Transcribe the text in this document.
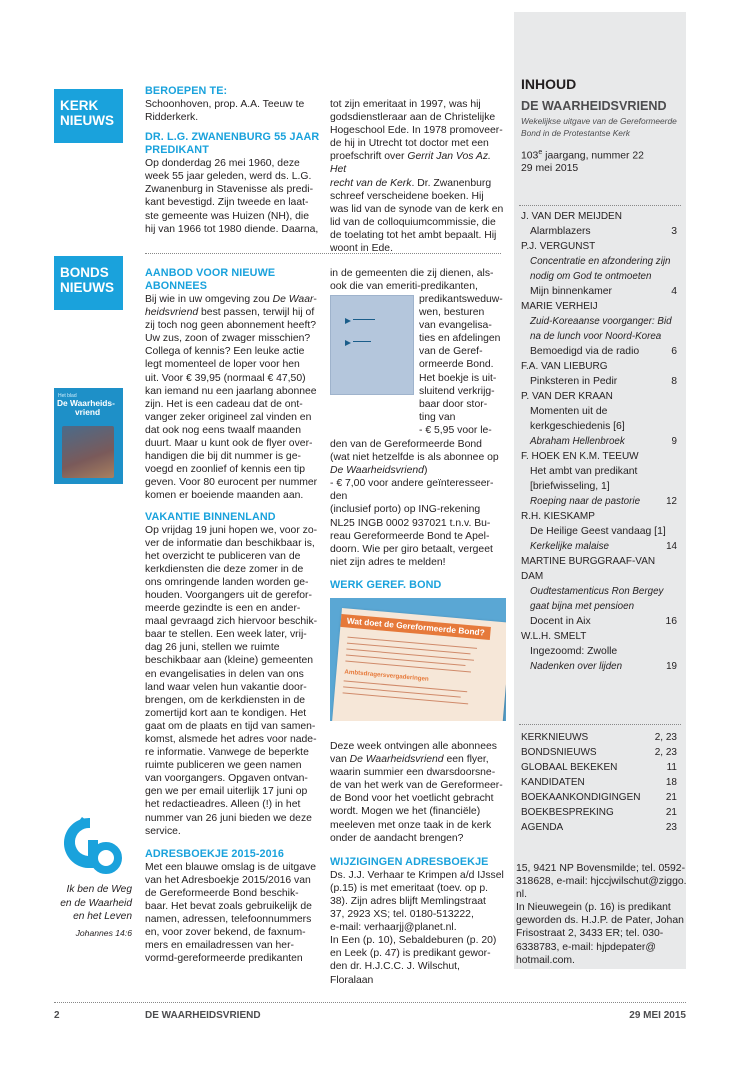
KERK
NIEUWS
BONDS
NIEUWS
Het blad
De Waarheids-
vriend
Ik ben de Weg
en de Waarheid
en het Leven
Johannes 14:6
BEROEPEN TE:

Schoonhoven, prop. A.A. Teeuw te

Ridderkerk.

DR. L.G. ZWANENBURG 55 JAAR
PREDIKANT

Op donderdag 26 mei 1960, deze

week 55 jaar geleden, werd ds. L.G.

Zwanenburg in Stavenisse als predi-

kant bevestigd. Zijn tweede en laat-

ste gemeente was Huizen (NH), die

hij van 1966 tot 1980 diende. Daarna,

tot zijn emeritaat in 1997, was hij

godsdienstleraar aan de Christelijke

Hogeschool Ede. In 1978 promoveer-

de hij in Utrecht tot doctor met een

proefschrift over Gerrit Jan Vos Az. Het

recht van de Kerk. Dr. Zwanenburg

schreef verscheidene boeken. Hij

was lid van de synode van de kerk en

lid van de colloquiumcommissie, die

de toelating tot het ambt bepaalt. Hij

woont in Ede.

AANBOD VOOR NIEUWE
ABONNEES

Bij wie in uw omgeving zou De Waar-

heidsvriend best passen, terwijl hij of

zij toch nog geen abonnement heeft?

Uw zus, zoon of zwager misschien?

Collega of kennis? Een leuke actie

legt momenteel de loper voor hen

uit. Voor € 39,95 (normaal € 47,50)

kan iemand nu een jaarlang abonnee

zijn. Het is een cadeau dat de ont-

vanger zeker origineel zal vinden en

dat ook nog eens twaalf maanden

duurt. Maar u kunt ook de flyer over-

handigen die bij dit nummer is ge-

voegd en zoonlief of kennis een tip

geven. Voor 80 eurocent per nummer

komen er boeiende maanden aan.

VAKANTIE BINNENLAND

Op vrijdag 19 juni hopen we, voor zo-

ver de informatie dan beschikbaar is,

het overzicht te publiceren van de

kerkdiensten die deze zomer in de

ons omringende landen worden ge-

houden. Voorgangers uit de gerefor-

meerde gezindte is een en ander-

maal gevraagd zich hiervoor beschik-

baar te stellen. Een week later, vrij-

dag 26 juni, stellen we ruimte

beschikbaar aan (kleine) gemeenten

en evangelisaties in delen van ons

land waar velen hun vakantie door-

brengen, om de kerkdiensten in de

zomertijd kort aan te kondigen. Het

gaat om de plaats en tijd van samen-

komst, alsmede het adres voor nade-

re informatie. Vanwege de beperkte

ruimte publiceren we geen namen

van voorgangers. Opgaven ontvan-

gen we per email uiterlijk 17 juni op

het redactieadres. Alleen (!) in het

nummer van 26 juni bieden we deze

service.

ADRESBOEKJE 2015-2016

Met een blauwe omslag is de uitgave

van het Adresboekje 2015/2016 van

de Gereformeerde Bond beschik-

baar. Het bevat zoals gebruikelijk de

namen, adressen, telefoonnummers

en, voor zover bekend, de faxnum-

mers en emailadressen van her-

vormd-gereformeerde predikanten

in de gemeenten die zij dienen, als-

ook die van emeriti-predikanten,

predikantsweduw-

wen, besturen

van evangelisa-

ties en afdelingen

van de Geref-

ormeerde Bond.

Het boekje is uit-

sluitend verkrijg-

baar door stor-

ting van

- € 5,95 voor le-

den van de Gereformeerde Bond

(wat niet hetzelfde is als abonnee op

De Waarheidsvriend)

- € 7,00 voor andere geïnteresseer-

den

(inclusief porto) op ING-rekening

NL25 INGB 0002 937021 t.n.v. Bu-

reau Gereformeerde Bond te Apel-

doorn. Wie per giro betaalt, vergeet

niet zijn adres te melden!

WERK GEREF. BOND
Wat doet de Gereformeerde Bond?
Ambtsdragersvergaderingen

Deze week ontvingen alle abonnees

van De Waarheidsvriend een flyer,

waarin summier een dwarsdoorsne-

de van het werk van de Gereformeer-

de Bond voor het voetlicht gebracht

wordt. Mogen we het (financiële)

meeleven met onze taak in de kerk

onder de aandacht brengen?

WIJZIGINGEN ADRESBOEKJE

Ds. J.J. Verhaar te Krimpen a/d IJssel

(p.15) is met emeritaat (toev. op p.

38). Zijn adres blijft Memlingstraat

37, 2923 XS; tel. 0180-513222,

e-mail: verhaarjj@planet.nl.

In Een (p. 10), Sebaldeburen (p. 20)

en Leek (p. 47) is predikant gewor-

den dr. H.J.C.C. J. Wilschut, Floralaan

15, 9421 NP Bovensmilde; tel. 0592-

318628, e-mail: hjccjwilschut@ziggo.

nl.

In Nieuwegein (p. 16) is predikant

geworden ds. H.J.P. de Pater, Johan

Frisostraat 2, 3433 ER; tel. 030-

6338783, e-mail: hjpdepater@

hotmail.com.

INHOUD
DE WAARHEIDSVRIEND
Wekelijkse uitgave van de Gereformeerde
Bond in de Protestantse Kerk
103e jaargang, nummer 22
29 mei 2015
J. VAN DER MEIJDEN
Alarmblazers	3
P.J. VERGUNST
Concentratie en afzondering zijn
nodig om God te ontmoeten
Mijn binnenkamer	4
MARIE VERHEIJ
Zuid-Koreaanse voorganger: Bid
na de lunch voor Noord-Korea
Bemoedigd via de radio	6
F.A. VAN LIEBURG
Pinksteren in Pedir	8
P. VAN DER KRAAN
Momenten uit de
kerkgeschiedenis [6]
Abraham Hellenbroek	9
F. HOEK EN K.M. TEEUW
Het ambt van predikant
[briefwisseling, 1]
Roeping naar de pastorie	12
R.H. KIESKAMP
De Heilige Geest vandaag [1]
Kerkelijke malaise	14
MARTINE BURGGRAAF-VAN
DAM
Oudtestamenticus Ron Bergey
gaat bijna met pensioen
Docent in Aix	16
W.L.H. SMELT
Ingezoomd: Zwolle
Nadenken over lijden	19
KERKNIEUWS	2, 23
BONDSNIEUWS	2, 23
GLOBAAL BEKEKEN	11
KANDIDATEN	18
BOEKAANKONDIGINGEN	21
BOEKBESPREKING	21
AGENDA	23
2	DE WAARHEIDSVRIEND	29 MEI 2015
